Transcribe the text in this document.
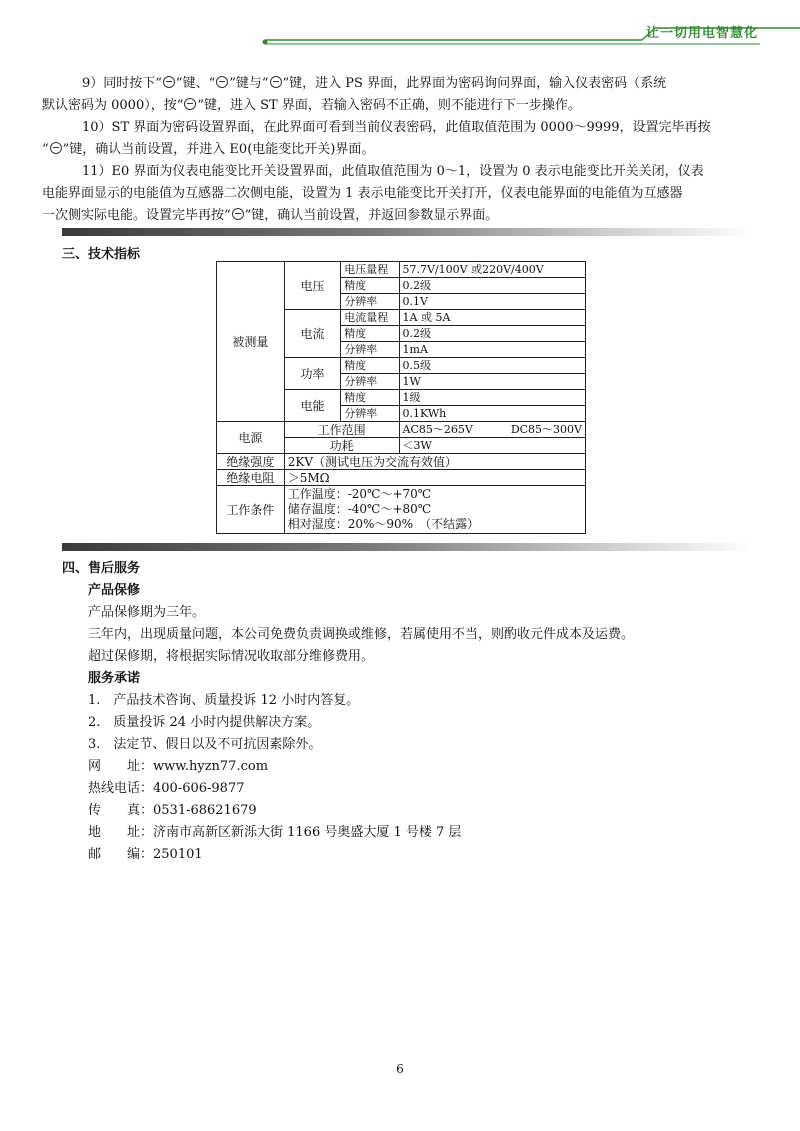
让一切用电智慧化
9）同时按下“ ”键、“ ”键与“ ”键，进入 PS 界面，此界面为密码询问界面，输入仪表密码（系统
默认密码为 0000），按“ ”键，进入 ST 界面，若输入密码不正确，则不能进行下一步操作。
10）ST 界面为密码设置界面，在此界面可看到当前仪表密码，此值取值范围为 0000～9999，设置完毕再按
“ ”键，确认当前设置，并进入 E0(电能变比开关)界面。
11）E0 界面为仪表电能变比开关设置界面，此值取值范围为 0～1，设置为 0 表示电能变比开关关闭，仪表
电能界面显示的电能值为互感器二次侧电能，设置为 1 表示电能变比开关打开，仪表电能界面的电能值为互感器
一次侧实际电能。设置完毕再按“ ”键，确认当前设置，并返回参数显示界面。
三、技术指标
被测量	电压	电压量程	57.7V/100V 或220V/400V
		精度	0.2级
		分辨率	0.1V
	电流	电流量程	1A 或 5A
		精度	0.2级
		分辨率	1mA
	功率	精度	0.5级
		分辨率	1W
	电能	精度	1级
		分辨率	0.1KWh
电源	工作范围		AC85～265V DC85～300V
	功耗		＜3W
绝缘强度	2KV（测试电压为交流有效值）		
绝缘电阻	＞5MΩ		
工作条件	工作温度：-20℃～+70℃
储存温度：-40℃～+80℃
相对湿度：20%～90%　（不结露）		
四、售后服务
产品保修
产品保修期为三年。
三年内，出现质量问题，本公司免费负责调换或维修，若属使用不当，则酌收元件成本及运费。
超过保修期，将根据实际情况收取部分维修费用。
服务承诺
1.　产品技术咨询、质量投诉 12 小时内答复。
2.　质量投诉 24 小时内提供解决方案。
3.　法定节、假日以及不可抗因素除外。
网　　址：www.hyzn77.com
热线电话：400-606-9877
传　　真：0531-68621679
地　　址：济南市高新区新泺大街 1166 号奥盛大厦 1 号楼 7 层
邮　　编：250101
6
